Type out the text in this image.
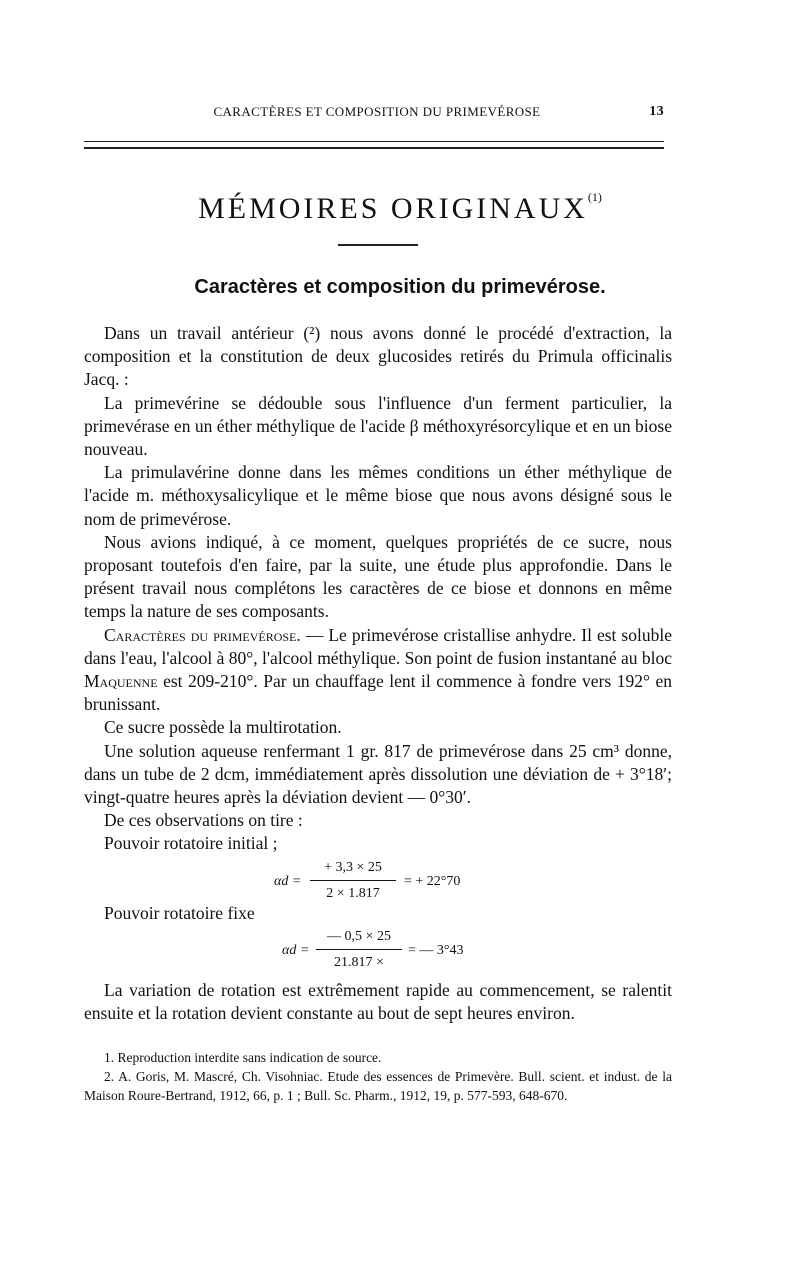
CARACTÈRES ET COMPOSITION DU PRIMEVÉROSE	13
MÉMOIRES ORIGINAUX$^{(1)}$
Caractères et composition du primevérose.

Dans un travail antérieur (²) nous avons donné le procédé d'extraction, la composition et la constitution de deux glucosides retirés du Primula officinalis Jacq. :

La primevérine se dédouble sous l'influence d'un ferment particulier, la primevérase en un éther méthylique de l'acide β méthoxyrésorcylique et en un biose nouveau.

La primulavérine donne dans les mêmes conditions un éther méthylique de l'acide m. méthoxysalicylique et le même biose que nous avons désigné sous le nom de primevérose.

Nous avions indiqué, à ce moment, quelques propriétés de ce sucre, nous proposant toutefois d'en faire, par la suite, une étude plus approfondie. Dans le présent travail nous complétons les caractères de ce biose et donnons en même temps la nature de ses composants.

Caractères du primevérose. — Le primevérose cristallise anhydre. Il est soluble dans l'eau, l'alcool à 80°, l'alcool méthylique. Son point de fusion instantané au bloc Maquenne est 209-210°. Par un chauffage lent il commence à fondre vers 192° en brunissant.

Ce sucre possède la multirotation.

Une solution aqueuse renfermant 1 gr. 817 de primevérose dans 25 cm³ donne, dans un tube de 2 dcm, immédiatement après dissolution une déviation de + 3°18′; vingt-quatre heures après la déviation devient — 0°30′.

De ces observations on tire :

Pouvoir rotatoire initial ;

$\alpha d = \frac{+ 3,3 \times 25}{2 \times 1.817}$ = + 22°70

Pouvoir rotatoire fixe

$\alpha d = \frac{— 0,5 \times 25}{21.817 \times}$ = — 3°43

La variation de rotation est extrêmement rapide au commencement, se ralentit ensuite et la rotation devient constante au bout de sept heures environ.

1. Reproduction interdite sans indication de source.

2. A. Goris, M. Mascré, Ch. Visohniac. Etude des essences de Primevère. Bull. scient. et indust. de la Maison Roure-Bertrand, 1912, 66, p. 1 ; Bull. Sc. Pharm., 1912, 19, p. 577-593, 648-670.
